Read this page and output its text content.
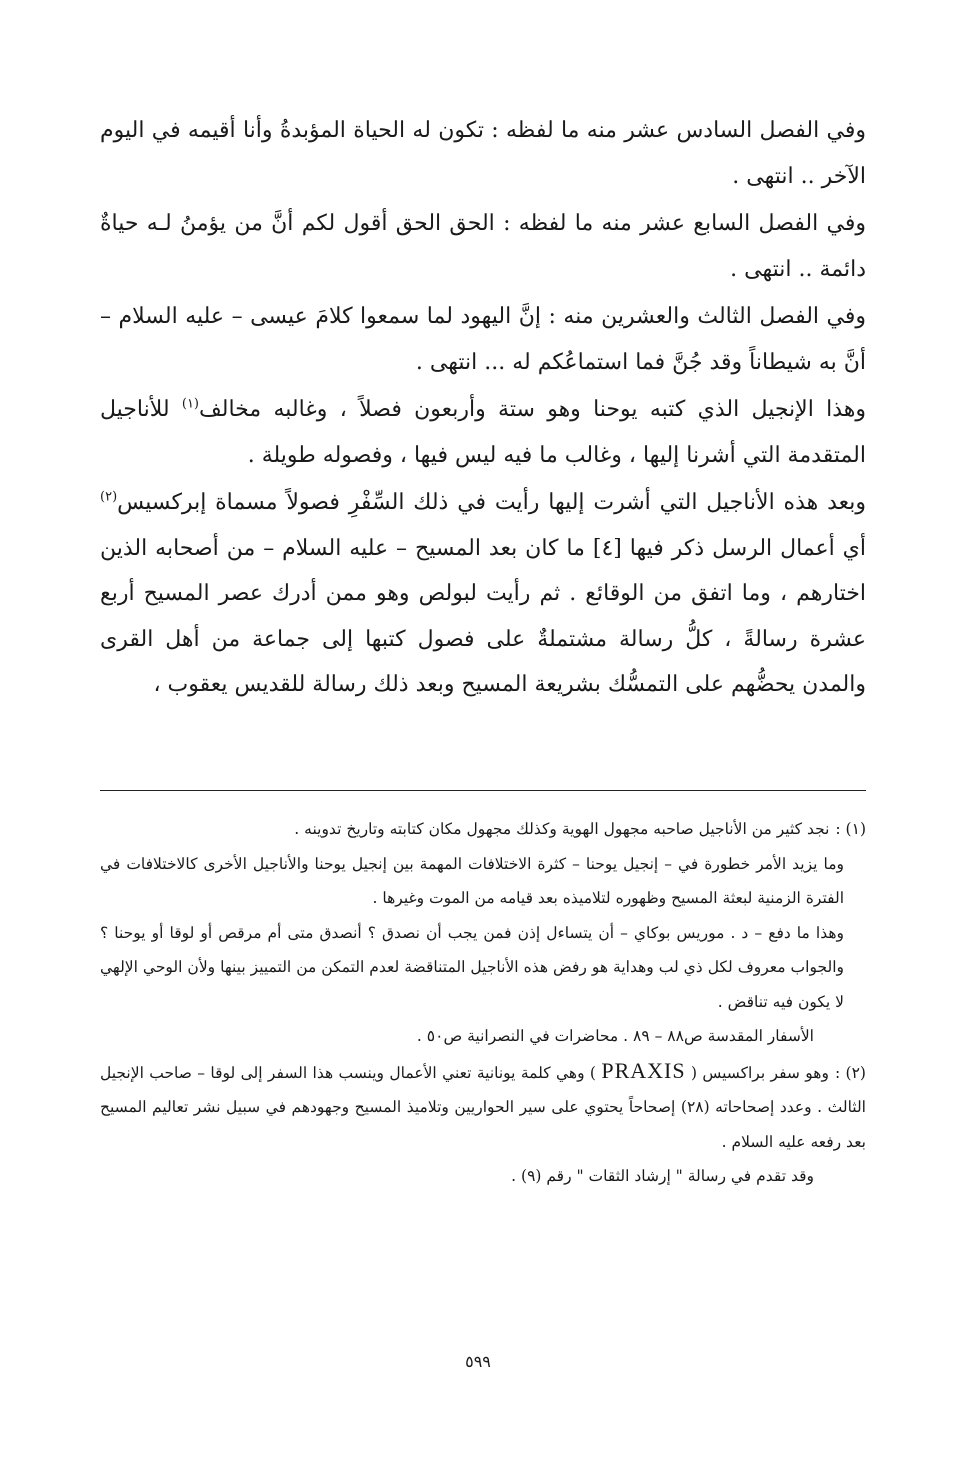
وفي الفصل السادس عشر منه ما لفظه : تكون له الحياة المؤبدةُ وأنا أقيمه في اليوم الآخر .. انتهى .

وفي الفصل السابع عشر منه ما لفظه : الحق الحق أقول لكم أنَّ من يؤمنُ لـه حياةٌ دائمة .. انتهى .

وفي الفصل الثالث والعشرين منه : إنَّ اليهود لما سمعوا كلامَ عيسى – عليه السلام – أنَّ به شيطاناً وقد جُنَّ فما استماعُكم له ... انتهى .

وهذا الإنجيل الذي كتبه يوحنا وهو ستة وأربعون فصلاً ، وغالبه مخالف$^{(١)}$ للأناجيل المتقدمة التي أشرنا إليها ، وغالب ما فيه ليس فيها ، وفصوله طويلة .

وبعد هذه الأناجيل التي أشرت إليها رأيت في ذلك السِّفْرِ فصولاً مسماة إبركسيس$^{(٢)}$ أي أعمال الرسل ذكر فيها [٤] ما كان بعد المسيح – عليه السلام – من أصحابه الذين اختارهم ، وما اتفق من الوقائع . ثم رأيت لبولص وهو ممن أدرك عصر المسيح أربع عشرة رسالةً ، كلُّ رسالة مشتملةٌ على فصول كتبها إلى جماعة من أهل القرى والمدن يحضُّهم على التمسُّك بشريعة المسيح وبعد ذلك رسالة للقديس يعقوب ،

(١) :نجد كثير من الأناجيل صاحبه مجهول الهوية وكذلك مجهول مكان كتابته وتاريخ تدوينه .

وما يزيد الأمر خطورة في – إنجيل يوحنا – كثرة الاختلافات المهمة بين إنجيل يوحنا والأناجيل الأخرى كالاختلافات في الفترة الزمنية لبعثة المسيح وظهوره لتلاميذه بعد قيامه من الموت وغيرها .

وهذا ما دفع – د . موريس بوكاي – أن يتساءل إذن فمن يجب أن نصدق ؟ أنصدق متى أم مرقص أو لوقا أو يوحنا ؟ والجواب معروف لكل ذي لب وهداية هو رفض هذه الأناجيل المتناقضة لعدم التمكن من التمييز بينها ولأن الوحي الإلهي لا يكون فيه تناقض .

الأسفار المقدسة ص٨٨ – ٨٩ . محاضرات في النصرانية ص٥٠ .

(٢) :وهو سفر براكسيس ( PRAXIS ) وهي كلمة يونانية تعني الأعمال وينسب هذا السفر إلى لوقا – صاحب الإنجيل الثالث . وعدد إصحاحاته (٢٨) إصحاحاً يحتوي على سير الحواريين وتلاميذ المسيح وجهودهم في سبيل نشر تعاليم المسيح بعد رفعه عليه السلام .

وقد تقدم في رسالة " إرشاد الثقات " رقم (٩) .

٥٩٩
